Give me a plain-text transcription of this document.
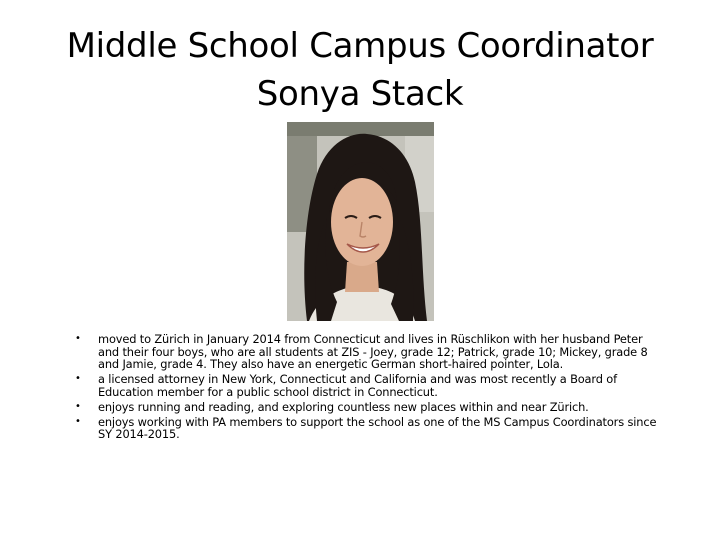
Middle School Campus Coordinator
Sonya Stack
•	moved to Zürich in January 2014 from Connecticut and lives in Rüschlikon with her husband Peter and their four boys, who are all students at ZIS - Joey, grade 12; Patrick, grade 10; Mickey, grade 8 and Jamie, grade 4. They also have an energetic German short-haired pointer, Lola.
•	a licensed attorney in New York, Connecticut and California and was most recently a Board of Education member for a public school district in Connecticut.
•	enjoys running and reading, and exploring countless new places within and near Zürich.
•	enjoys working with PA members to support the school as one of the MS Campus Coordinators since SY 2014-2015.
